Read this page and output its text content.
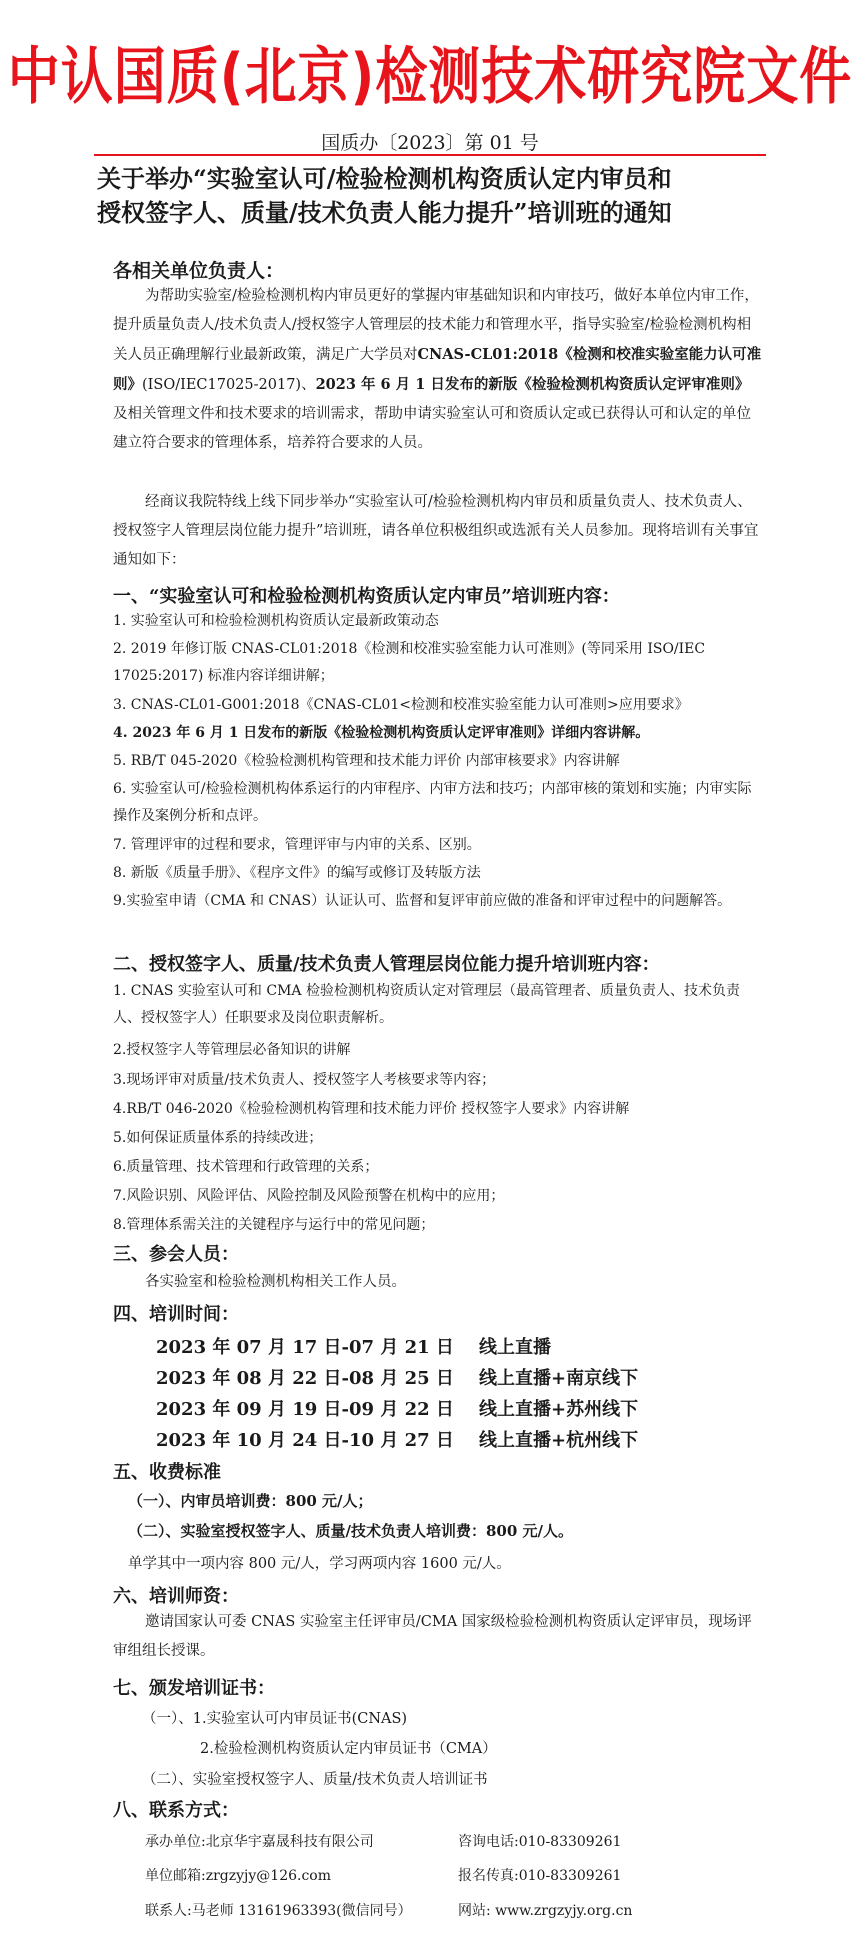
中认国质(北京)检测技术研究院文件
国质办〔2023〕第 01 号
关于举办“实验室认可/检验检测机构资质认定内审员和
授权签字人、质量/技术负责人能力提升”培训班的通知
各相关单位负责人：
为帮助实验室/检验检测机构内审员更好的掌握内审基础知识和内审技巧，做好本单位内审工作，提升质量负责人/技术负责人/授权签字人管理层的技术能力和管理水平，指导实验室/检验检测机构相关人员正确理解行业最新政策，满足广大学员对CNAS-CL01:2018《检测和校准实验室能力认可准则》(ISO/IEC17025-2017)、2023 年 6 月 1 日发布的新版《检验检测机构资质认定评审准则》及相关管理文件和技术要求的培训需求，帮助申请实验室认可和资质认定或已获得认可和认定的单位建立符合要求的管理体系，培养符合要求的人员。
经商议我院特线上线下同步举办“实验室认可/检验检测机构内审员和质量负责人、技术负责人、授权签字人管理层岗位能力提升”培训班，请各单位积极组织或选派有关人员参加。现将培训有关事宜通知如下：
一、“实验室认可和检验检测机构资质认定内审员”培训班内容：
1. 实验室认可和检验检测机构资质认定最新政策动态
2. 2019 年修订版 CNAS-CL01:2018《检测和校准实验室能力认可准则》(等同采用 ISO/IEC 17025:2017) 标准内容详细讲解；
3. CNAS-CL01-G001:2018《CNAS-CL01<检测和校准实验室能力认可准则>应用要求》
4. 2023 年 6 月 1 日发布的新版《检验检测机构资质认定评审准则》详细内容讲解。
5. RB/T 045-2020《检验检测机构管理和技术能力评价 内部审核要求》内容讲解
6. 实验室认可/检验检测机构体系运行的内审程序、内审方法和技巧；内部审核的策划和实施；内审实际操作及案例分析和点评。
7. 管理评审的过程和要求，管理评审与内审的关系、区别。
8. 新版《质量手册》、《程序文件》的编写或修订及转版方法
9.实验室申请（CMA 和 CNAS）认证认可、监督和复评审前应做的准备和评审过程中的问题解答。
二、授权签字人、质量/技术负责人管理层岗位能力提升培训班内容：
1. CNAS 实验室认可和 CMA 检验检测机构资质认定对管理层（最高管理者、质量负责人、技术负责人、授权签字人）任职要求及岗位职责解析。
2.授权签字人等管理层必备知识的讲解
3.现场评审对质量/技术负责人、授权签字人考核要求等内容；
4.RB/T 046-2020《检验检测机构管理和技术能力评价 授权签字人要求》内容讲解
5.如何保证质量体系的持续改进；
6.质量管理、技术管理和行政管理的关系；
7.风险识别、风险评估、风险控制及风险预警在机构中的应用；
8.管理体系需关注的关键程序与运行中的常见问题；
三、参会人员：
各实验室和检验检测机构相关工作人员。
四、培训时间：
2023 年 07 月 17 日-07 月 21 日 线上直播
2023 年 08 月 22 日-08 月 25 日 线上直播+南京线下
2023 年 09 月 19 日-09 月 22 日 线上直播+苏州线下
2023 年 10 月 24 日-10 月 27 日 线上直播+杭州线下
五、收费标准
（一）、内审员培训费：800 元/人；
（二）、实验室授权签字人、质量/技术负责人培训费：800 元/人。
单学其中一项内容 800 元/人，学习两项内容 1600 元/人。
六、培训师资：
邀请国家认可委 CNAS 实验室主任评审员/CMA 国家级检验检测机构资质认定评审员，现场评审组组长授课。
七、颁发培训证书：
（一）、1.实验室认可内审员证书(CNAS)
2.检验检测机构资质认定内审员证书（CMA）
（二）、实验室授权签字人、质量/技术负责人培训证书
八、联系方式：
承办单位:北京华宇嘉晟科技有限公司	咨询电话:010-83309261
单位邮箱:zrgzyjy@126.com	报名传真:010-83309261
联系人:马老师 13161963393(微信同号）	网站: www.zrgzyjy.org.cn
